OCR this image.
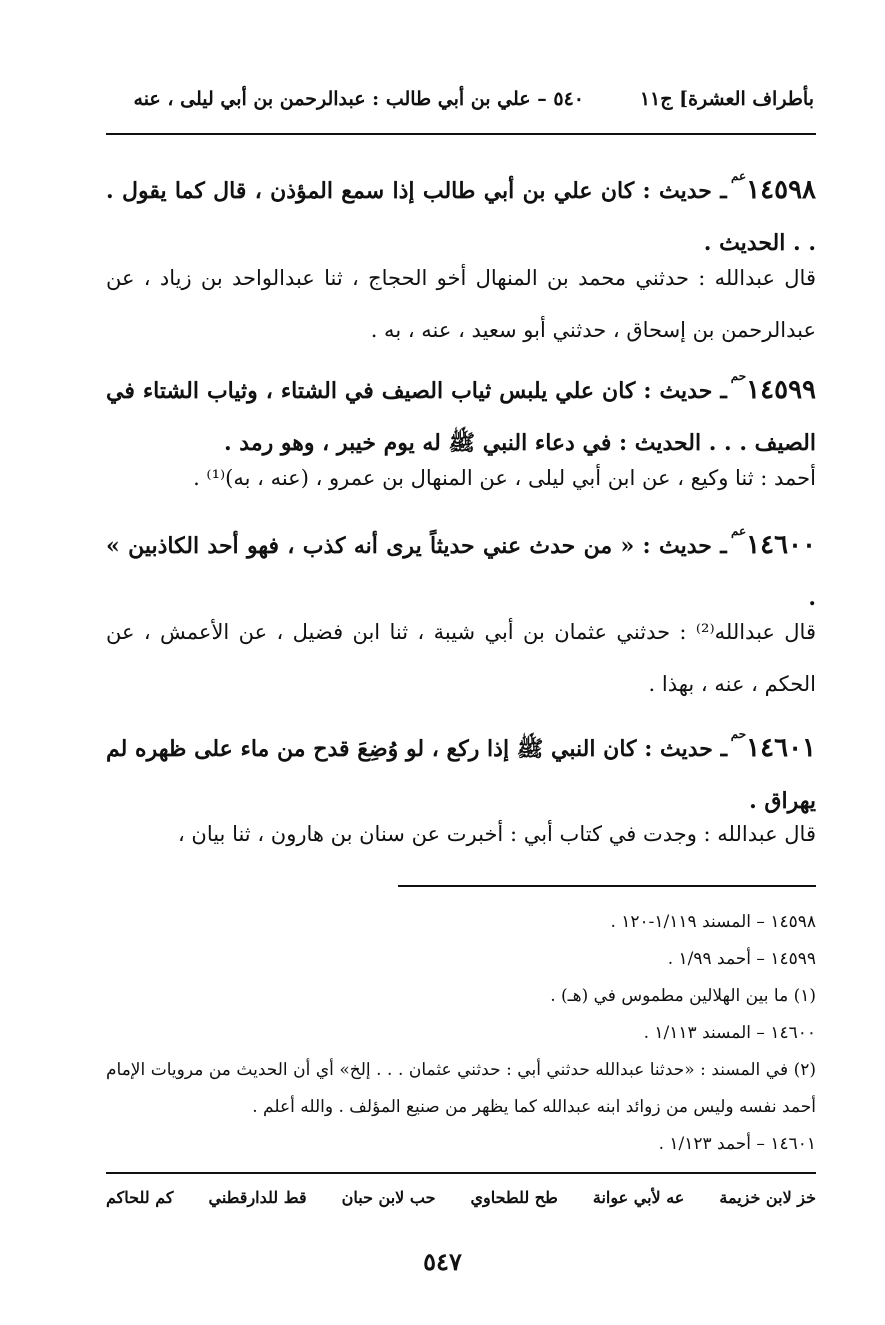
بأطراف العشرة] ج١١
٥٤٠ – علي بن أبي طالب : عبدالرحمن بن أبي ليلى ، عنه
$١٤٥٩٨^{عم}$ ـ حديث : كان علي بن أبي طالب إذا سمع المؤذن ، قال كما يقول . . . الحديث .
قال عبدالله : حدثني محمد بن المنهال أخو الحجاج ، ثنا عبدالواحد بن زياد ، عن عبدالرحمن بن إسحاق ، حدثني أبو سعيد ، عنه ، به .
$١٤٥٩٩^{حم}$ ـ حديث : كان علي يلبس ثياب الصيف في الشتاء ، وثياب الشتاء في الصيف . . . الحديث : في دعاء النبي ﷺ له يوم خيبر ، وهو رمد .
أحمد : ثنا وكيع ، عن ابن أبي ليلى ، عن المنهال بن عمرو ، (عنه ، به)⁽¹⁾ .
$١٤٦٠٠^{عم}$ ـ حديث : « من حدث عني حديثاً يرى أنه كذب ، فهو أحد الكاذبين » .
قال عبدالله⁽²⁾ : حدثني عثمان بن أبي شيبة ، ثنا ابن فضيل ، عن الأعمش ، عن الحكم ، عنه ، بهذا .
$١٤٦٠١^{حم}$ ـ حديث : كان النبي ﷺ إذا ركع ، لو وُضِعَ قدح من ماء على ظهره لم يهراق .
قال عبدالله : وجدت في كتاب أبي : أخبرت عن سنان بن هارون ، ثنا بيان ،
١٤٥٩٨ – المسند ١/١١٩-١٢٠ .
١٤٥٩٩ – أحمد ١/٩٩ .
(١) ما بين الهلالين مطموس في (هـ) .
١٤٦٠٠ – المسند ١/١١٣ .
(٢) في المسند : «حدثنا عبدالله حدثني أبي : حدثني عثمان . . . إلخ» أي أن الحديث من مرويات الإمام أحمد نفسه وليس من زوائد ابنه عبدالله كما يظهر من صنيع المؤلف . والله أعلم .
١٤٦٠١ – أحمد ١/١٢٣ .
خز لابن خزيمة
عه لأبي عوانة
طح للطحاوي
حب لابن حبان
قط للدارقطني
كم للحاكم
٥٤٧
